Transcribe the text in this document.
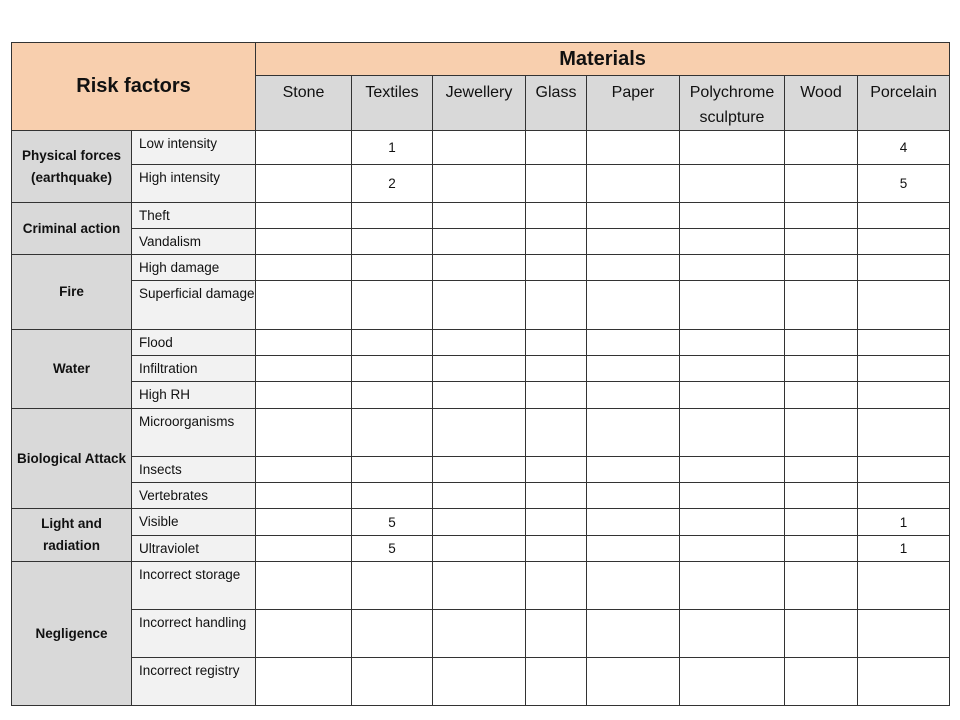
Risk factors		Materials							
		Stone	Textiles	Jewellery	Glass	Paper	Polychrome sculpture	Wood	Porcelain
Physical forces (earthquake)	Low intensity		1						4
	High intensity		2						5
Criminal action	Theft								
	Vandalism								
Fire	High damage								
	Superficial damage								
Water	Flood								
	Infiltration								
	High RH								
Biological Attack	Microorganisms								
	Insects								
	Vertebrates								
Light and radiation	Visible		5						1
	Ultraviolet		5						1
Negligence	Incorrect storage								
	Incorrect handling								
	Incorrect registry								
